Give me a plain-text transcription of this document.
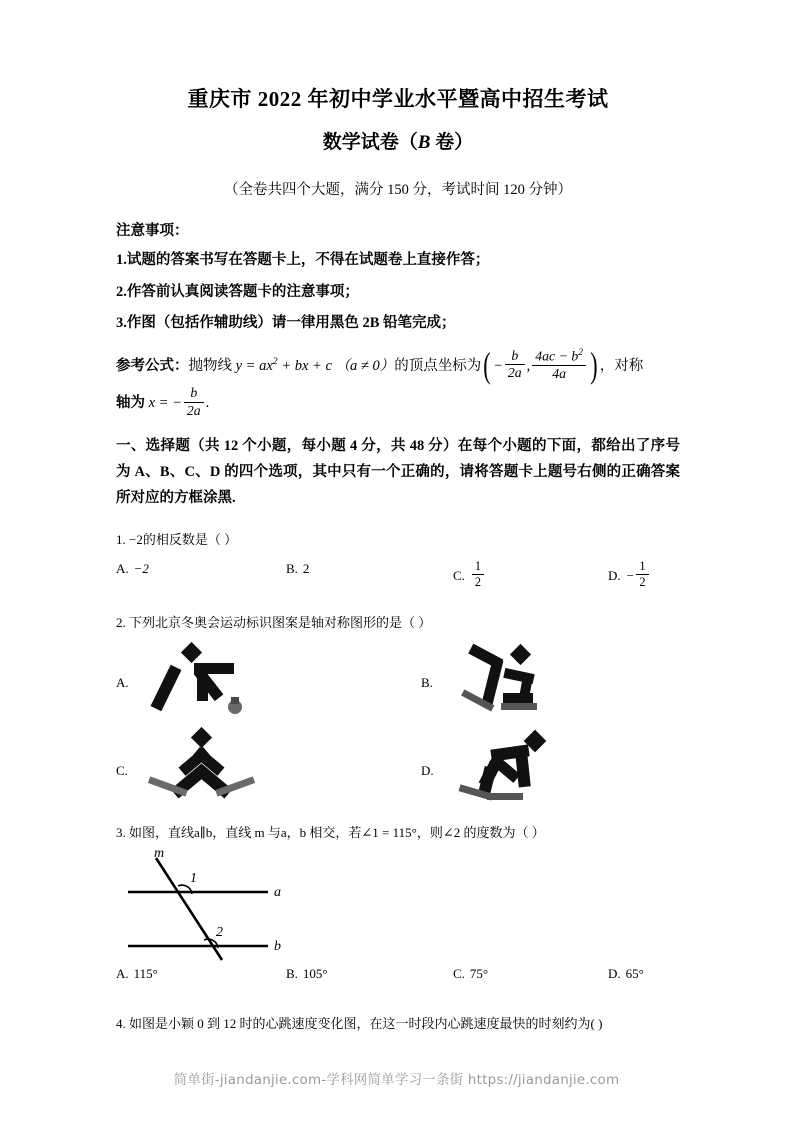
重庆市 2022 年初中学业水平暨高中招生考试
数学试卷（B 卷）
（全卷共四个大题，满分 150 分，考试时间 120 分钟）
注意事项：
1.试题的答案书写在答题卡上，不得在试题卷上直接作答；
2.作答前认真阅读答题卡的注意事项；
3.作图（包括作辅助线）请一律用黑色 2B 铅笔完成；
参考公式：抛物线 $y = ax^2$ + bx + c （a ≠ 0）的顶点坐标为( − $\frac{b}{2a}$ , $\frac{4ac - b^2}{4a}$ ) ，对称
轴为 x = − $\frac{b}{2a}$ .
一、选择题（共 12 个小题，每小题 4 分，共 48 分）在每个小题的下面，都给出了序号为 A、B、C、D 的四个选项，其中只有一个正确的，请将答题卡上题号右侧的正确答案所对应的方框涂黑.
1. −2的相反数是（ ）
A. −2	B. 2	C. $\frac{1}{2}$	D. − $\frac{1}{2}$
2. 下列北京冬奥会运动标识图案是轴对称图形的是（ ）
A.	B.
C.	D.
3. 如图，直线a∥b，直线 m 与a，b 相交，若∠1 = 115°，则∠2 的度数为（ ）
m
a
b
1
2
A. 115°	B. 105°	C. 75°	D. 65°
4. 如图是小颖 0 到 12 时的心跳速度变化图，在这一时段内心跳速度最快的时刻约为( )
简单街-jiandanjie.com-学科网简单学习一条街 https://jiandanjie.com
